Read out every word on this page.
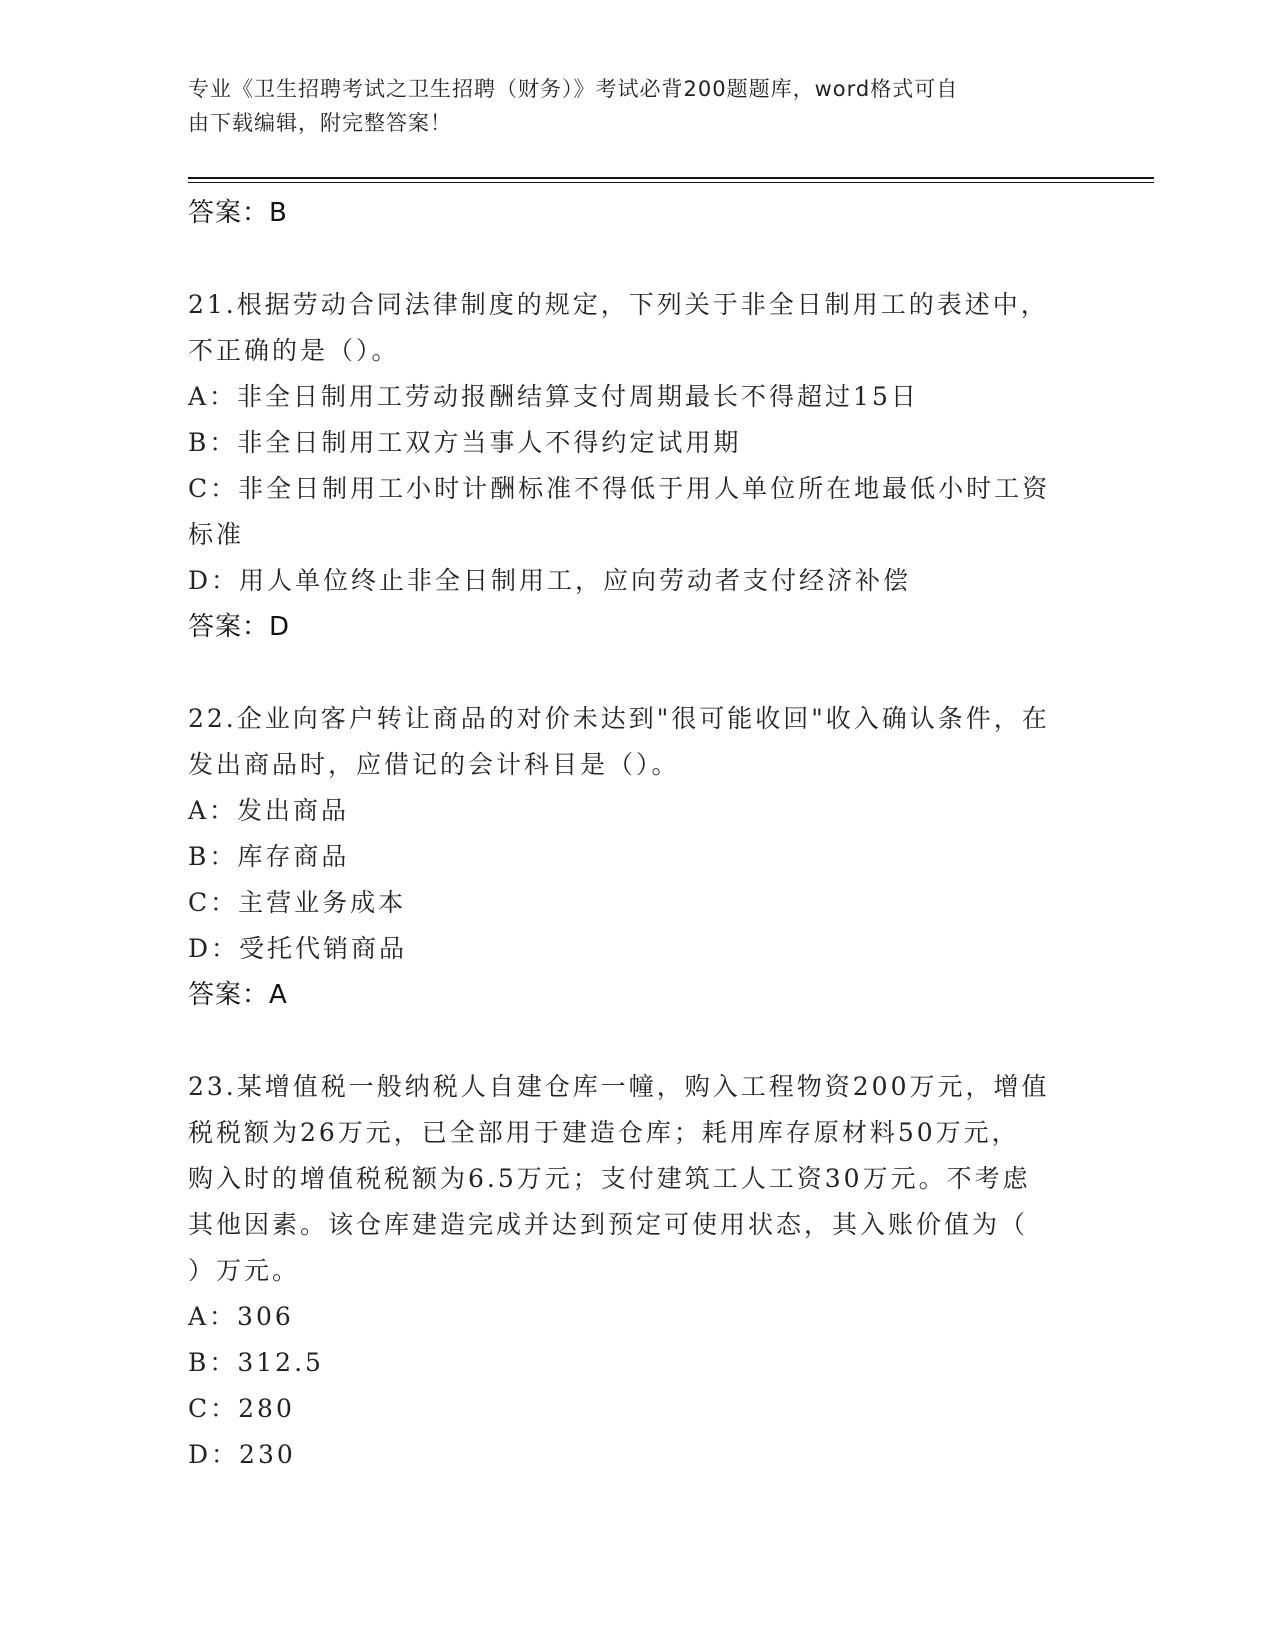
专业《卫生招聘考试之卫生招聘（财务）》考试必背200题题库，word格式可自
由下载编辑，附完整答案！
答案：B
21.根据劳动合同法律制度的规定，下列关于非全日制用工的表述中，
不正确的是（）。
A：非全日制用工劳动报酬结算支付周期最长不得超过15日
B：非全日制用工双方当事人不得约定试用期
C：非全日制用工小时计酬标准不得低于用人单位所在地最低小时工资
标准
D：用人单位终止非全日制用工，应向劳动者支付经济补偿
答案：D
22.企业向客户转让商品的对价未达到"很可能收回"收入确认条件，在
发出商品时，应借记的会计科目是（）。
A：发出商品
B：库存商品
C：主营业务成本
D：受托代销商品
答案：A
23.某增值税一般纳税人自建仓库一幢，购入工程物资200万元，增值
税税额为26万元，已全部用于建造仓库；耗用库存原材料50万元，
购入时的增值税税额为6.5万元；支付建筑工人工资30万元。不考虑
其他因素。该仓库建造完成并达到预定可使用状态，其入账价值为（
）万元。
A：306
B：312.5
C：280
D：230
